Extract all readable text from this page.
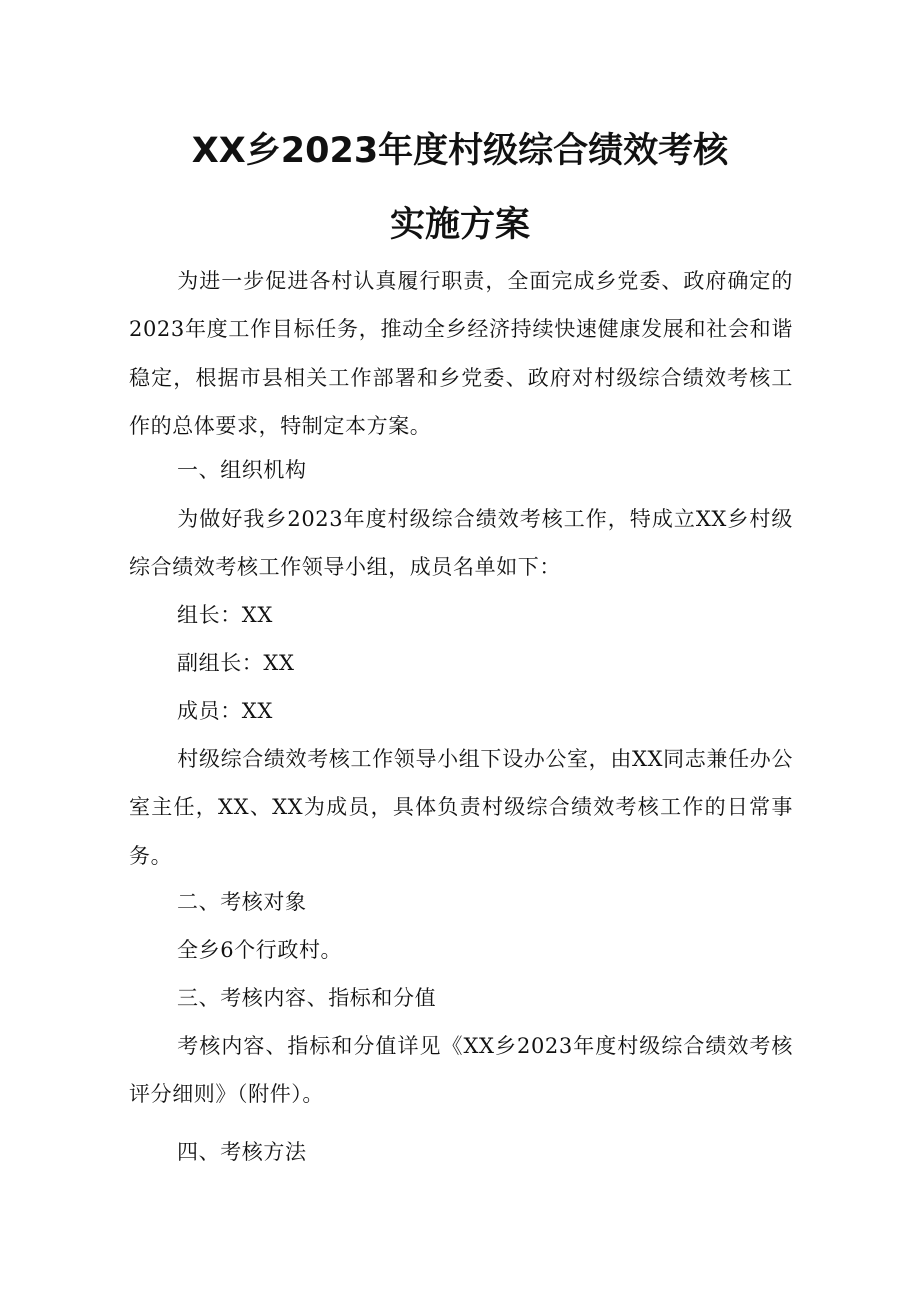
XX乡2023年度村级综合绩效考核
实施方案

为进一步促进各村认真履行职责，全面完成乡党委、政府确定的2023年度工作目标任务，推动全乡经济持续快速健康发展和社会和谐稳定，根据市县相关工作部署和乡党委、政府对村级综合绩效考核工作的总体要求，特制定本方案。

一、组织机构

为做好我乡2023年度村级综合绩效考核工作，特成立XX乡村级综合绩效考核工作领导小组，成员名单如下：

组长：XX

副组长：XX

成员：XX

村级综合绩效考核工作领导小组下设办公室，由XX同志兼任办公室主任，XX、XX为成员，具体负责村级综合绩效考核工作的日常事务。

二、考核对象

全乡6个行政村。

三、考核内容、指标和分值

考核内容、指标和分值详见《XX乡2023年度村级综合绩效考核评分细则》（附件）。

四、考核方法
